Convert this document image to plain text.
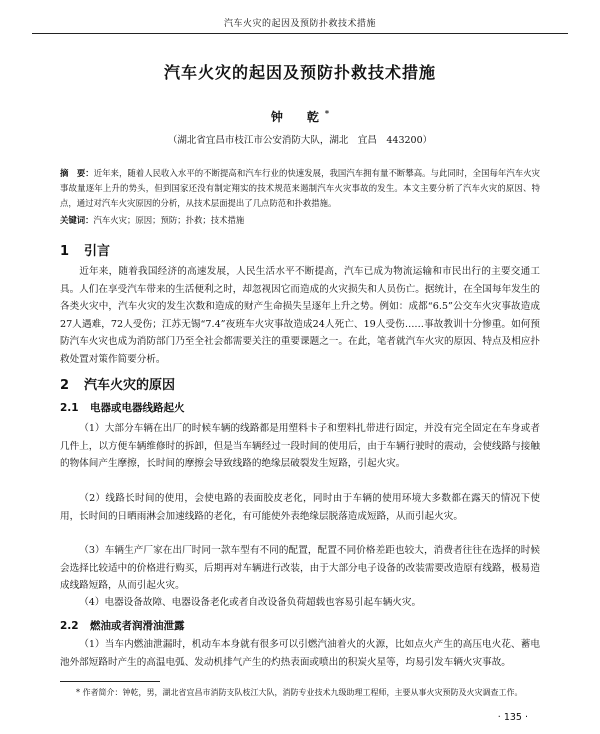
汽车火灾的起因及预防扑救技术措施
汽车火灾的起因及预防扑救技术措施
钟　乾*
（湖北省宜昌市枝江市公安消防大队，湖北　宜昌　443200）
摘　要：近年来，随着人民收入水平的不断提高和汽车行业的快速发展，我国汽车拥有量不断攀高。与此同时，全国每年汽车火灾事故量逐年上升的势头，但到国家还没有制定翔实的技术规范来遏制汽车火灾事故的发生。本文主要分析了汽车火灾的原因、特点，通过对汽车火灾原因的分析，从技术层面提出了几点防范和扑救措施。
关键词：汽车火灾；原因；预防；扑救；技术措施
1 引言
近年来，随着我国经济的高速发展，人民生活水平不断提高，汽车已成为物流运输和市民出行的主要交通工具。人们在享受汽车带来的生活便利之时，却忽视因它而造成的火灾损失和人员伤亡。据统计，在全国每年发生的各类火灾中，汽车火灾的发生次数和造成的财产生命损失呈逐年上升之势。例如：成都“6.5”公交车火灾事故造成27人遇难，72人受伤；江苏无锡“7.4”夜班车火灾事故造成24人死亡、19人受伤……事故教训十分惨重。如何预防汽车火灾也成为消防部门乃至全社会都需要关注的重要课题之一。在此，笔者就汽车火灾的原因、特点及相应扑救处置对策作简要分析。
2 汽车火灾的原因
2.1 电器或电器线路起火
（1）大部分车辆在出厂的时候车辆的线路都是用塑料卡子和塑料扎带进行固定，并没有完全固定在车身或者几件上，以方便车辆维修时的拆卸，但是当车辆经过一段时间的使用后，由于车辆行驶时的震动，会使线路与接触的物体间产生摩擦，长时间的摩擦会导致线路的绝缘层破裂发生短路，引起火灾。
（2）线路长时间的使用，会使电路的表面胶皮老化，同时由于车辆的使用环境大多数都在露天的情况下使用，长时间的日晒雨淋会加速线路的老化，有可能使外表绝缘层脱落造成短路，从而引起火灾。
（3）车辆生产厂家在出厂时同一款车型有不同的配置，配置不同价格差距也较大，消费者往往在选择的时候会选择比较适中的价格进行购买，后期再对车辆进行改装，由于大部分电子设备的改装需要改造原有线路，极易造成线路短路，从而引起火灾。
（4）电器设备故障、电器设备老化或者自改设备负荷超载也容易引起车辆火灾。
2.2 燃油或者润滑油泄露
（1）当车内燃油泄漏时，机动车本身就有很多可以引燃汽油着火的火源，比如点火产生的高压电火花、蓄电池外部短路时产生的高温电弧、发动机排气产生的灼热表面或喷出的积炭火星等，均易引发车辆火灾事故。
* 作者简介：钟乾，男，湖北省宜昌市消防支队枝江大队，消防专业技术九级助理工程师，主要从事火灾预防及火灾调查工作。
· 135 ·
